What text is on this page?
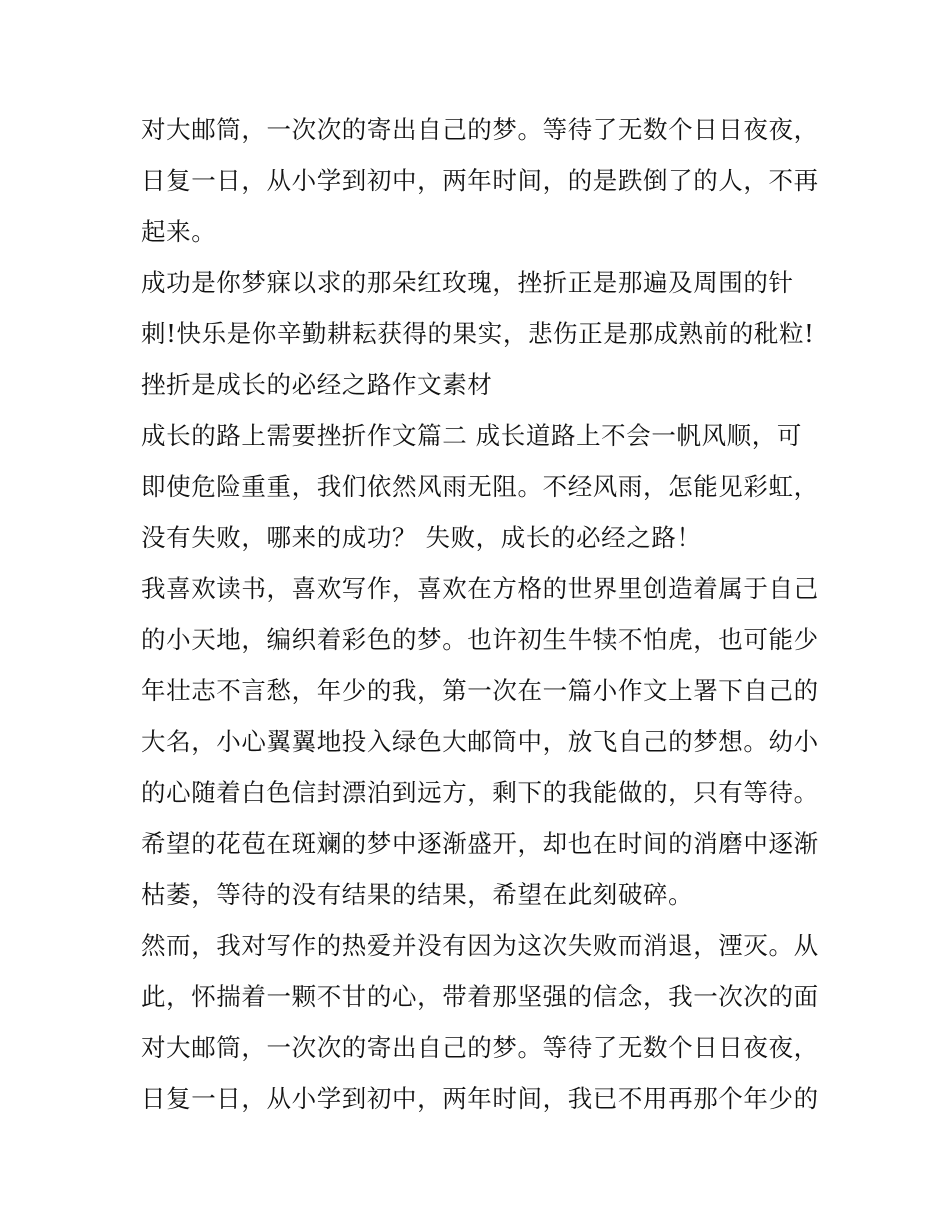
对大邮筒，一次次的寄出自己的梦。等待了无数个日日夜夜，
日复一日，从小学到初中，两年时间，的是跌倒了的人，不再
起来。
成功是你梦寐以求的那朵红玫瑰，挫折正是那遍及周围的针
刺!快乐是你辛勤耕耘获得的果实，悲伤正是那成熟前的秕粒!
挫折是成长的必经之路作文素材
成长的路上需要挫折作文篇二 成长道路上不会一帆风顺，可
即使危险重重，我们依然风雨无阻。不经风雨，怎能见彩虹，
没有失败，哪来的成功？ 失败，成长的必经之路！
我喜欢读书，喜欢写作，喜欢在方格的世界里创造着属于自己
的小天地，编织着彩色的梦。也许初生牛犊不怕虎，也可能少
年壮志不言愁，年少的我，第一次在一篇小作文上署下自己的
大名，小心翼翼地投入绿色大邮筒中，放飞自己的梦想。幼小
的心随着白色信封漂泊到远方，剩下的我能做的，只有等待。
希望的花苞在斑斓的梦中逐渐盛开，却也在时间的消磨中逐渐
枯萎，等待的没有结果的结果，希望在此刻破碎。
然而，我对写作的热爱并没有因为这次失败而消退，湮灭。从
此，怀揣着一颗不甘的心，带着那坚强的信念，我一次次的面
对大邮筒，一次次的寄出自己的梦。等待了无数个日日夜夜，
日复一日，从小学到初中，两年时间，我已不用再那个年少的
